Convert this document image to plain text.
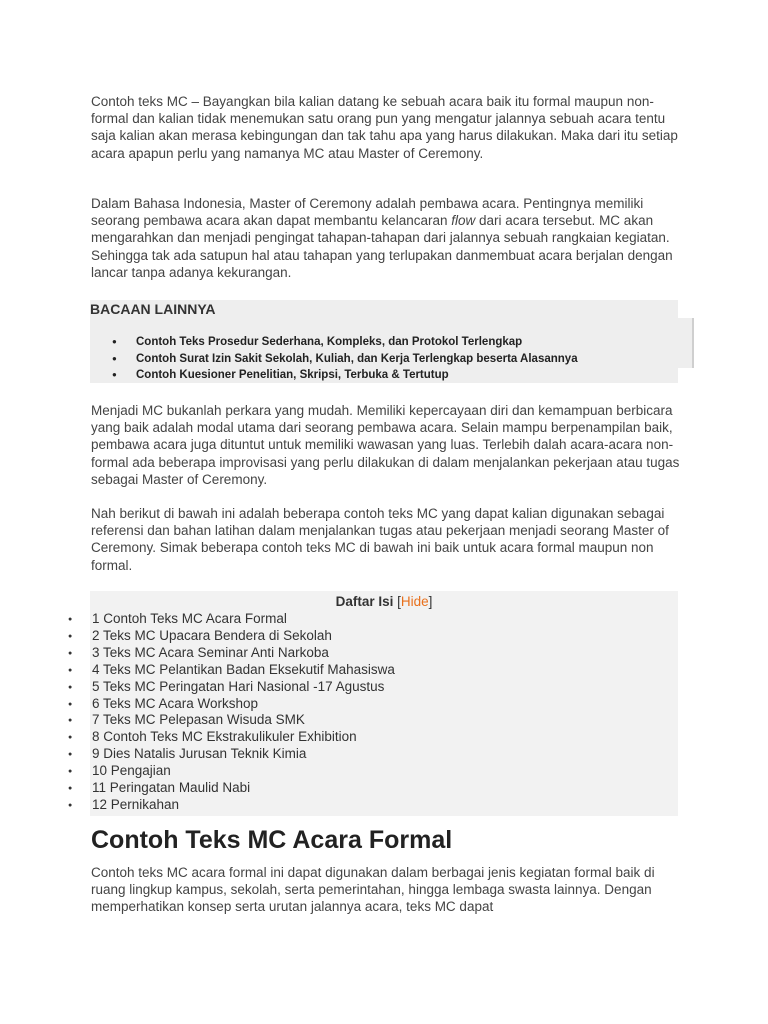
Contoh teks MC – Bayangkan bila kalian datang ke sebuah acara baik itu formal maupun non-formal dan kalian tidak menemukan satu orang pun yang mengatur jalannya sebuah acara tentu saja kalian akan merasa kebingungan dan tak tahu apa yang harus dilakukan. Maka dari itu setiap acara apapun perlu yang namanya MC atau Master of Ceremony.

Dalam Bahasa Indonesia, Master of Ceremony adalah pembawa acara. Pentingnya memiliki seorang pembawa acara akan dapat membantu kelancaran flow dari acara tersebut. MC akan mengarahkan dan menjadi pengingat tahapan-tahapan dari jalannya sebuah rangkaian kegiatan. Sehingga tak ada satupun hal atau tahapan yang terlupakan danmembuat acara berjalan dengan lancar tanpa adanya kekurangan.

BACAAN LAINNYA
● Contoh Teks Prosedur Sederhana, Kompleks, dan Protokol Terlengkap
● Contoh Surat Izin Sakit Sekolah, Kuliah, dan Kerja Terlengkap beserta Alasannya
● Contoh Kuesioner Penelitian, Skripsi, Terbuka & Tertutup

Menjadi MC bukanlah perkara yang mudah. Memiliki kepercayaan diri dan kemampuan berbicara yang baik adalah modal utama dari seorang pembawa acara. Selain mampu berpenampilan baik, pembawa acara juga dituntut untuk memiliki wawasan yang luas. Terlebih dalah acara-acara non-formal ada beberapa improvisasi yang perlu dilakukan di dalam menjalankan pekerjaan atau tugas sebagai Master of Ceremony.

Nah berikut di bawah ini adalah beberapa contoh teks MC yang dapat kalian digunakan sebagai referensi dan bahan latihan dalam menjalankan tugas atau pekerjaan menjadi seorang Master of Ceremony. Simak beberapa contoh teks MC di bawah ini baik untuk acara formal maupun non formal.

Daftar Isi [Hide]
● 1 Contoh Teks MC Acara Formal
● 2 Teks MC Upacara Bendera di Sekolah
● 3 Teks MC Acara Seminar Anti Narkoba
● 4 Teks MC Pelantikan Badan Eksekutif Mahasiswa
● 5 Teks MC Peringatan Hari Nasional -17 Agustus
● 6 Teks MC Acara Workshop
● 7 Teks MC Pelepasan Wisuda SMK
● 8 Contoh Teks MC Ekstrakulikuler Exhibition
● 9 Dies Natalis Jurusan Teknik Kimia
● 10 Pengajian
● 11 Peringatan Maulid Nabi
● 12 Pernikahan
Contoh Teks MC Acara Formal

Contoh teks MC acara formal ini dapat digunakan dalam berbagai jenis kegiatan formal baik di ruang lingkup kampus, sekolah, serta pemerintahan, hingga lembaga swasta lainnya. Dengan memperhatikan konsep serta urutan jalannya acara, teks MC dapat
